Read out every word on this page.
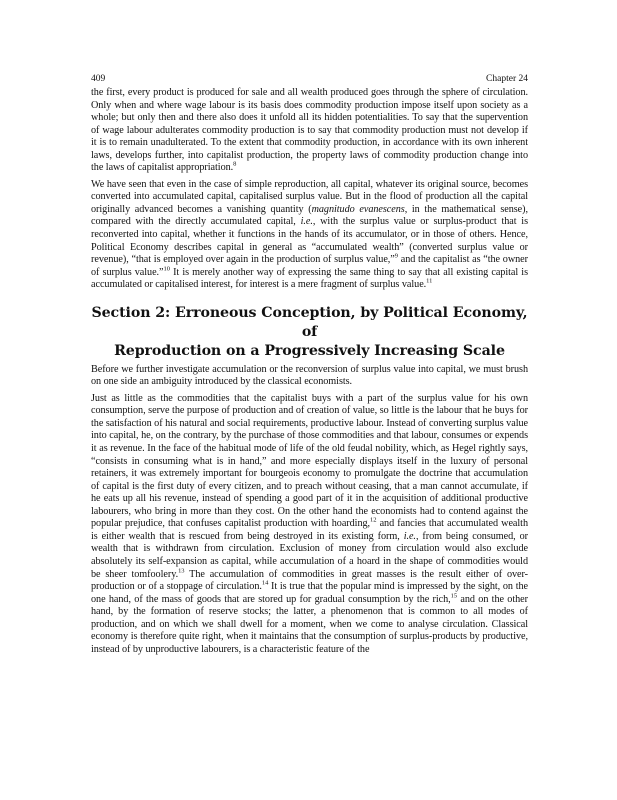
409	Chapter 24

the first, every product is produced for sale and all wealth produced goes through the sphere of circulation. Only when and where wage labour is its basis does commodity production impose itself upon society as a whole; but only then and there also does it unfold all its hidden potentialities. To say that the supervention of wage labour adulterates commodity production is to say that commodity production must not develop if it is to remain unadulterated. To the extent that commodity production, in accordance with its own inherent laws, develops further, into capitalist production, the property laws of commodity production change into the laws of capitalist appropriation.$^8$

We have seen that even in the case of simple reproduction, all capital, whatever its original source, becomes converted into accumulated capital, capitalised surplus value. But in the flood of production all the capital originally advanced becomes a vanishing quantity (magnitudo evanescens, in the mathematical sense), compared with the directly accumulated capital, i.e., with the surplus value or surplus-product that is reconverted into capital, whether it functions in the hands of its accumulator, or in those of others. Hence, Political Economy describes capital in general as “accumulated wealth” (converted surplus value or revenue), “that is employed over again in the production of surplus value,”$^9$ and the capitalist as “the owner of surplus value.”$^{10}$ It is merely another way of expressing the same thing to say that all existing capital is accumulated or capitalised interest, for interest is a mere fragment of surplus value.$^{11}$

Section 2: Erroneous Conception, by Political Economy, of
Reproduction on a Progressively Increasing Scale

Before we further investigate accumulation or the reconversion of surplus value into capital, we must brush on one side an ambiguity introduced by the classical economists.

Just as little as the commodities that the capitalist buys with a part of the surplus value for his own consumption, serve the purpose of production and of creation of value, so little is the labour that he buys for the satisfaction of his natural and social requirements, productive labour. Instead of converting surplus value into capital, he, on the contrary, by the purchase of those commodities and that labour, consumes or expends it as revenue. In the face of the habitual mode of life of the old feudal nobility, which, as Hegel rightly says, “consists in consuming what is in hand,” and more especially displays itself in the luxury of personal retainers, it was extremely important for bourgeois economy to promulgate the doctrine that accumulation of capital is the first duty of every citizen, and to preach without ceasing, that a man cannot accumulate, if he eats up all his revenue, instead of spending a good part of it in the acquisition of additional productive labourers, who bring in more than they cost. On the other hand the economists had to contend against the popular prejudice, that confuses capitalist production with hoarding,$^{12}$ and fancies that accumulated wealth is either wealth that is rescued from being destroyed in its existing form, i.e., from being consumed, or wealth that is withdrawn from circulation. Exclusion of money from circulation would also exclude absolutely its self-expansion as capital, while accumulation of a hoard in the shape of commodities would be sheer tomfoolery.$^{13}$ The accumulation of commodities in great masses is the result either of over-production or of a stoppage of circulation.$^{14}$ It is true that the popular mind is impressed by the sight, on the one hand, of the mass of goods that are stored up for gradual consumption by the rich,$^{15}$ and on the other hand, by the formation of reserve stocks; the latter, a phenomenon that is common to all modes of production, and on which we shall dwell for a moment, when we come to analyse circulation. Classical economy is therefore quite right, when it maintains that the consumption of surplus-products by productive, instead of by unproductive labourers, is a characteristic feature of the
